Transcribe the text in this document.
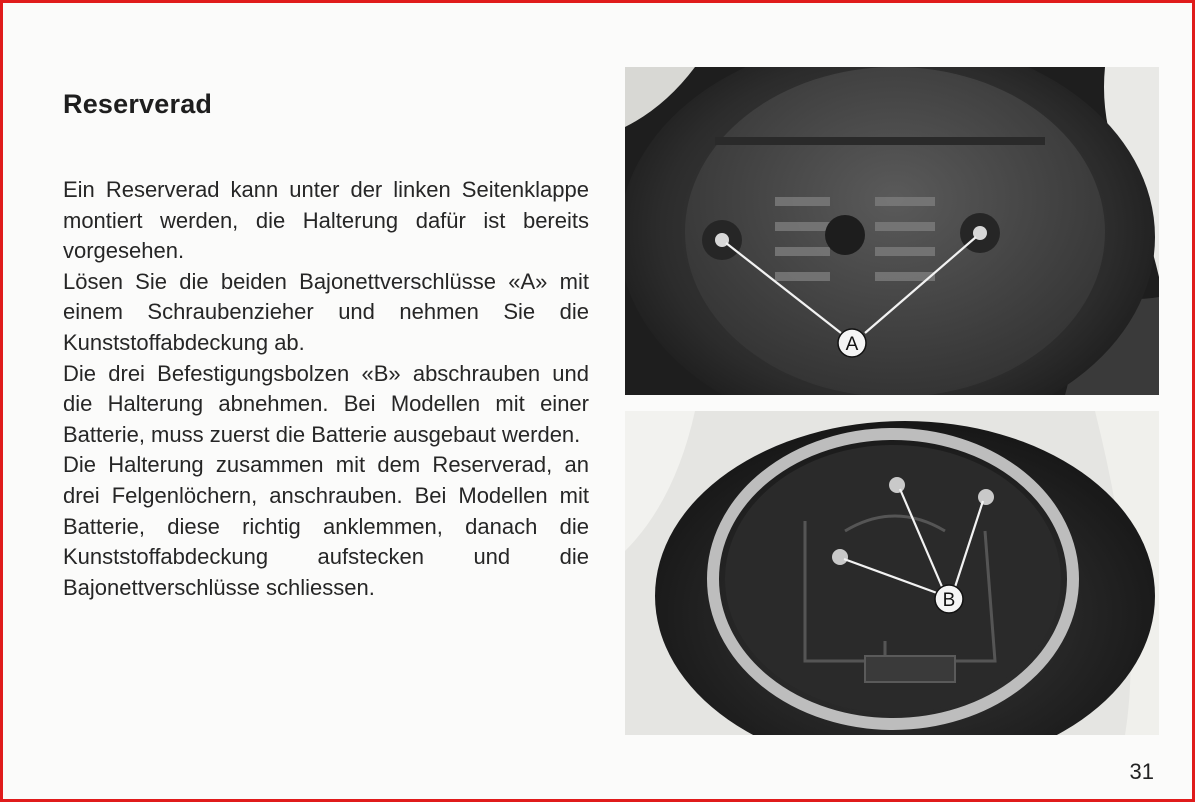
Reserverad

Ein Reserverad kann unter der linken Seitenklappe montiert werden, die Halterung dafür ist bereits vorgesehen.

Lösen Sie die beiden Bajonettverschlüsse «A» mit einem Schraubenzieher und nehmen Sie die Kunststoffabdeckung ab.

Die drei Befestigungsbolzen «B» abschrauben und die Halterung abnehmen. Bei Modellen mit einer Batterie, muss zuerst die Batterie ausgebaut werden.

Die Halterung zusammen mit dem Reserverad, an drei Felgenlöchern, anschrauben. Bei Modellen mit Batterie, diese richtig anklemmen, danach die Kunststoffabdeckung aufstecken und die Bajonettverschlüsse schliessen.

A
B
31
